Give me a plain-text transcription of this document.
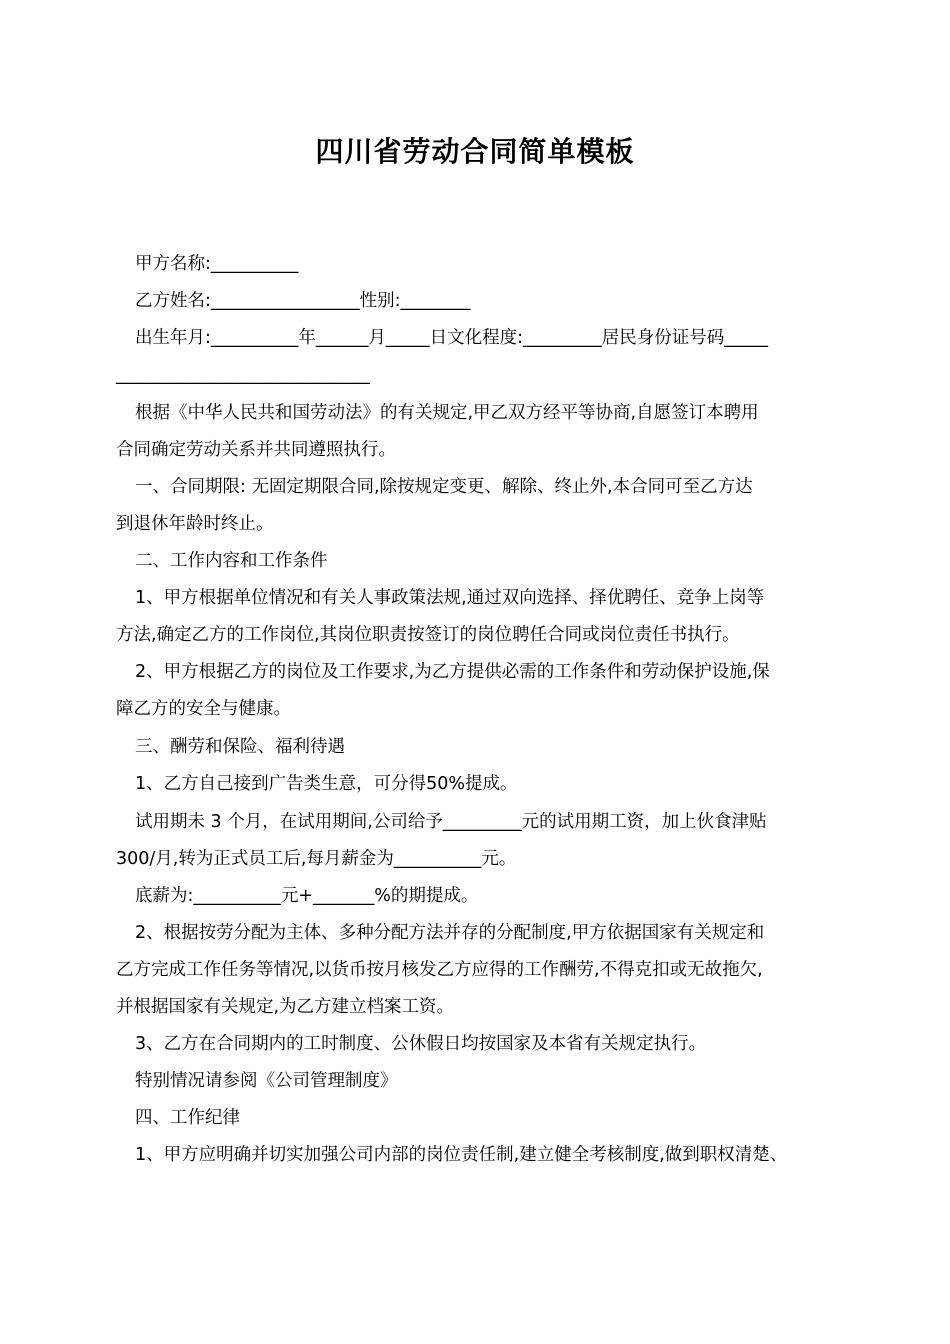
四川省劳动合同简单模板
甲方名称:__________
乙方姓名:_________________性别:________
出生年月:__________年______月_____日文化程度:_________居民身份证号码_____
_____________________________
根据《中华人民共和国劳动法》的有关规定,甲乙双方经平等协商,自愿签订本聘用
合同确定劳动关系并共同遵照执行。
一、合同期限: 无固定期限合同,除按规定变更、解除、终止外,本合同可至乙方达
到退休年龄时终止。
二、工作内容和工作条件
1、甲方根据单位情况和有关人事政策法规,通过双向选择、择优聘任、竞争上岗等
方法,确定乙方的工作岗位,其岗位职责按签订的岗位聘任合同或岗位责任书执行。
2、甲方根据乙方的岗位及工作要求,为乙方提供必需的工作条件和劳动保护设施,保
障乙方的安全与健康。
三、酬劳和保险、福利待遇
1、乙方自己接到广告类生意，可分得50%提成。
试用期未 3 个月，在试用期间,公司给予_________元的试用期工资，加上伙食津贴
300/月,转为正式员工后,每月薪金为__________元。
底薪为:__________元+_______%的期提成。
2、根据按劳分配为主体、多种分配方法并存的分配制度,甲方依据国家有关规定和
乙方完成工作任务等情况,以货币按月核发乙方应得的工作酬劳,不得克扣或无故拖欠,
并根据国家有关规定,为乙方建立档案工资。
3、乙方在合同期内的工时制度、公休假日均按国家及本省有关规定执行。
特别情况请参阅《公司管理制度》
四、工作纪律
1、甲方应明确并切实加强公司内部的岗位责任制,建立健全考核制度,做到职权清楚、
